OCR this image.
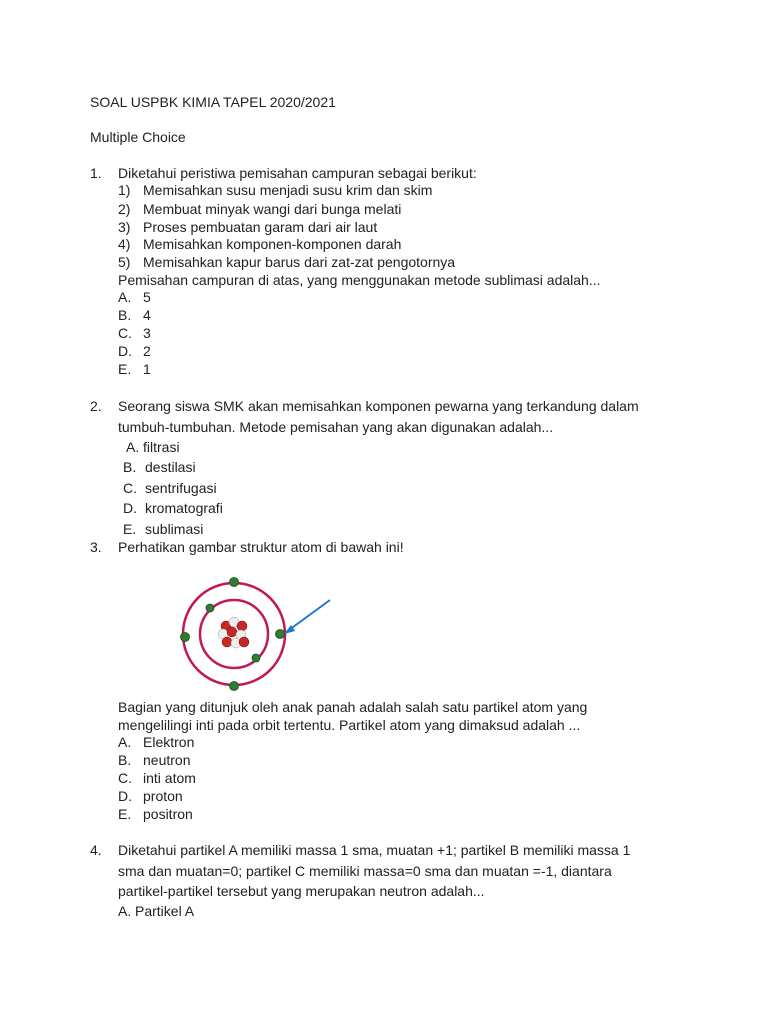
SOAL USPBK KIMIA TAPEL 2020/2021
Multiple Choice
1. Diketahui peristiwa pemisahan campuran sebagai berikut:
1) Memisahkan susu menjadi susu krim dan skim
2) Membuat minyak wangi dari bunga melati
3) Proses pembuatan garam dari air laut
4) Memisahkan komponen-komponen darah
5) Memisahkan kapur barus dari zat-zat pengotornya
Pemisahan campuran di atas, yang menggunakan metode sublimasi adalah...
A. 5
B. 4
C. 3
D. 2
E. 1
2. Seorang siswa SMK akan memisahkan komponen pewarna yang terkandung dalam
tumbuh-tumbuhan. Metode pemisahan yang akan digunakan adalah...
A. filtrasi
B. destilasi
C. sentrifugasi
D. kromatografi
E. sublimasi
3. Perhatikan gambar struktur atom di bawah ini!
Bagian yang ditunjuk oleh anak panah adalah salah satu partikel atom yang
mengelilingi inti pada orbit tertentu. Partikel atom yang dimaksud adalah ...
A. Elektron
B. neutron
C. inti atom
D. proton
E. positron
4. Diketahui partikel A memiliki massa 1 sma, muatan +1; partikel B memiliki massa 1
sma dan muatan=0; partikel C memiliki massa=0 sma dan muatan =-1, diantara
partikel-partikel tersebut yang merupakan neutron adalah...
A. Partikel A
